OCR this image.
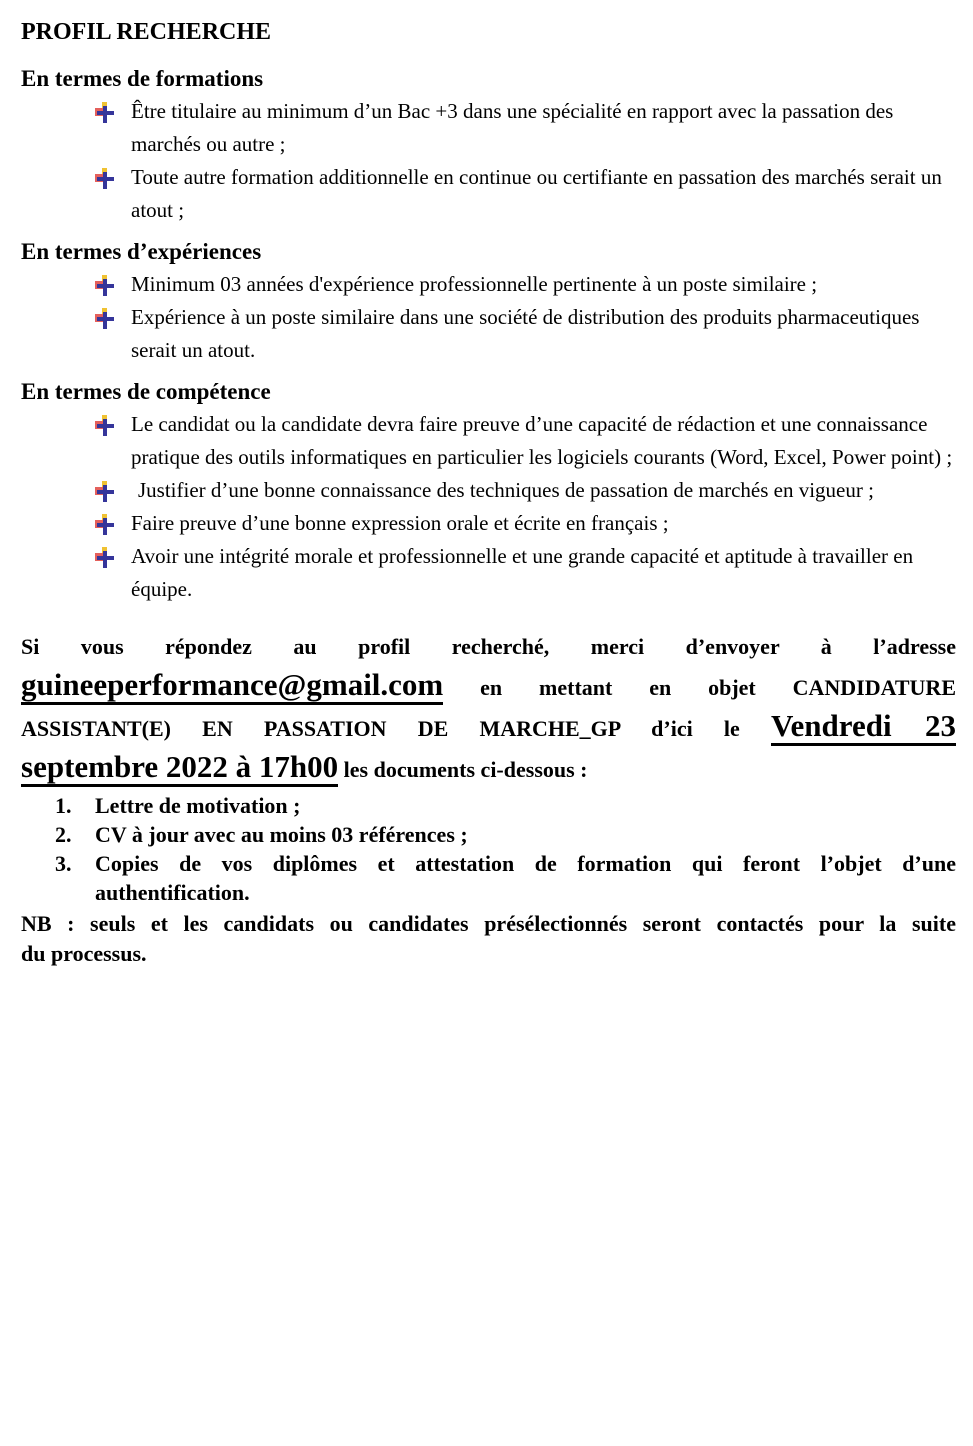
PROFIL RECHERCHE
En termes de formations
Être titulaire au minimum d’un Bac +3 dans une spécialité en rapport avec la passation des marchés ou autre ;
Toute autre formation additionnelle en continue ou certifiante en passation des marchés serait un atout ;
En termes d’expériences
Minimum 03 années d'expérience professionnelle pertinente à un poste similaire ;
Expérience à un poste similaire dans une société de distribution des produits pharmaceutiques serait un atout.
En termes de compétence
Le candidat ou la candidate devra faire preuve d’une capacité de rédaction et une connaissance pratique des outils informatiques en particulier les logiciels courants (Word, Excel, Power point) ;
Justifier d’une bonne connaissance des techniques de passation de marchés en vigueur ;
Faire preuve d’une bonne expression orale et écrite en français ;
Avoir une intégrité morale et professionnelle et une grande capacité et aptitude à travailler en équipe.
Si vous répondez au profil recherché, merci d’envoyer à l’adresse
guineeperformance@gmail.com en mettant en objet CANDIDATURE
ASSISTANT(E) EN PASSATION DE MARCHE_GP d’ici le Vendredi 23
septembre 2022 à 17h00 les documents ci-dessous :
1. Lettre de motivation ;
2. CV à jour avec au moins 03 références ;
3. Copies de vos diplômes et attestation de formation qui feront l’objet d’une
authentification.
NB : seuls et les candidats ou candidates présélectionnés seront contactés pour la suite
du processus.
